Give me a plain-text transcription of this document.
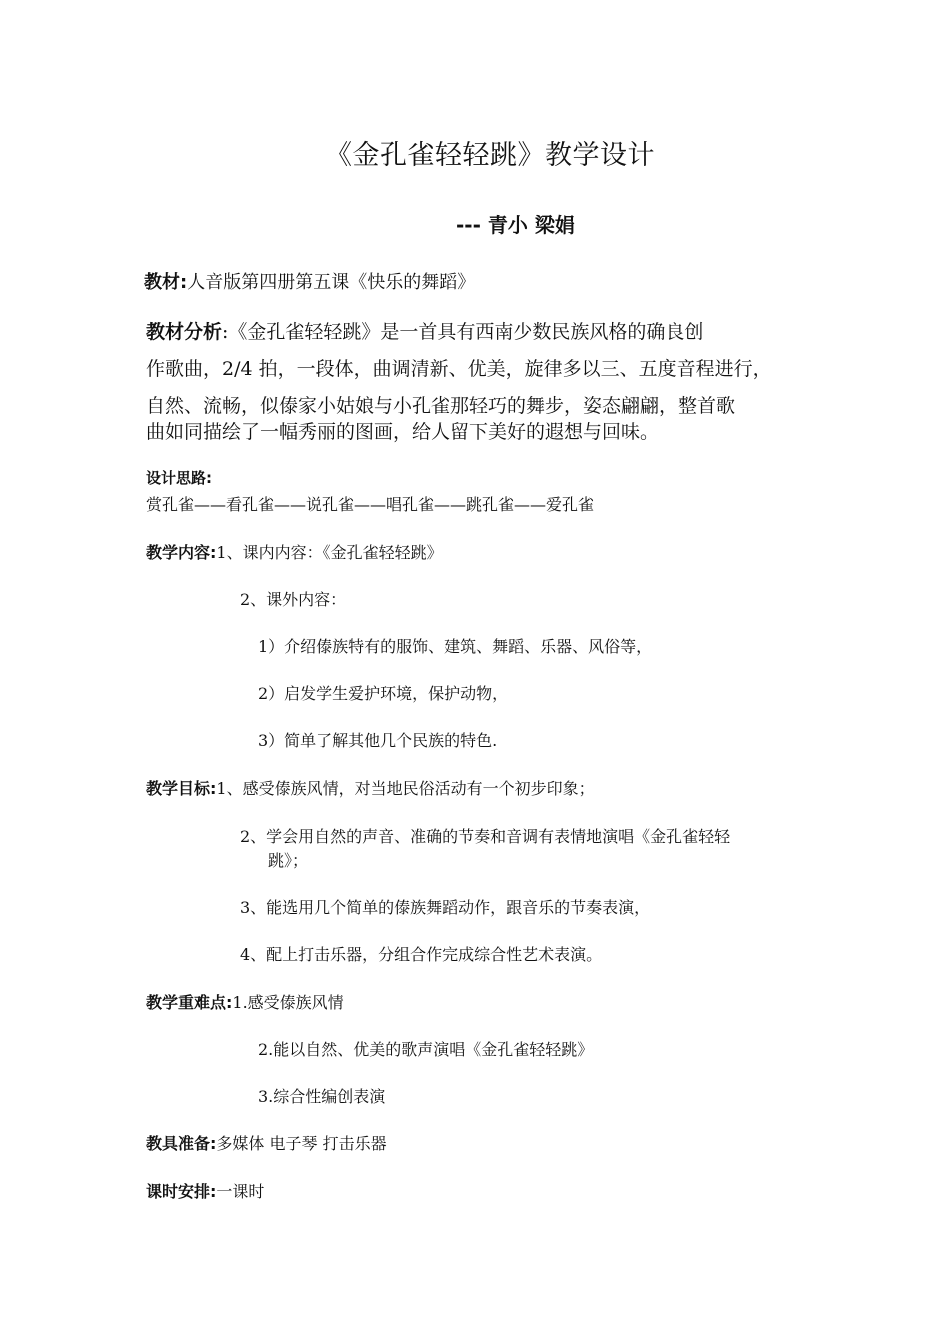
《金孔雀轻轻跳》教学设计
--- 青小 梁娟
教材:人音版第四册第五课《快乐的舞蹈》
教材分析:《金孔雀轻轻跳》是一首具有西南少数民族风格的确良创
作歌曲，2/4 拍，一段体，曲调清新、优美，旋律多以三、五度音程进行，
自然、流畅，似傣家小姑娘与小孔雀那轻巧的舞步，姿态翩翩，整首歌
曲如同描绘了一幅秀丽的图画，给人留下美好的遐想与回味。
设计思路:
赏孔雀——看孔雀——说孔雀——唱孔雀——跳孔雀——爱孔雀
教学内容:1、课内内容：《金孔雀轻轻跳》
2、课外内容：
1）介绍傣族特有的服饰、建筑、舞蹈、乐器、风俗等，
2）启发学生爱护环境，保护动物，
3）简单了解其他几个民族的特色.
教学目标:1、感受傣族风情，对当地民俗活动有一个初步印象；
2、学会用自然的声音、准确的节奏和音调有表情地演唱《金孔雀轻轻
跳》；
3、能选用几个简单的傣族舞蹈动作，跟音乐的节奏表演，
4、配上打击乐器，分组合作完成综合性艺术表演。
教学重难点:1.感受傣族风情
2.能以自然、优美的歌声演唱《金孔雀轻轻跳》
3.综合性编创表演
教具准备:多媒体 电子琴 打击乐器
课时安排:一课时
